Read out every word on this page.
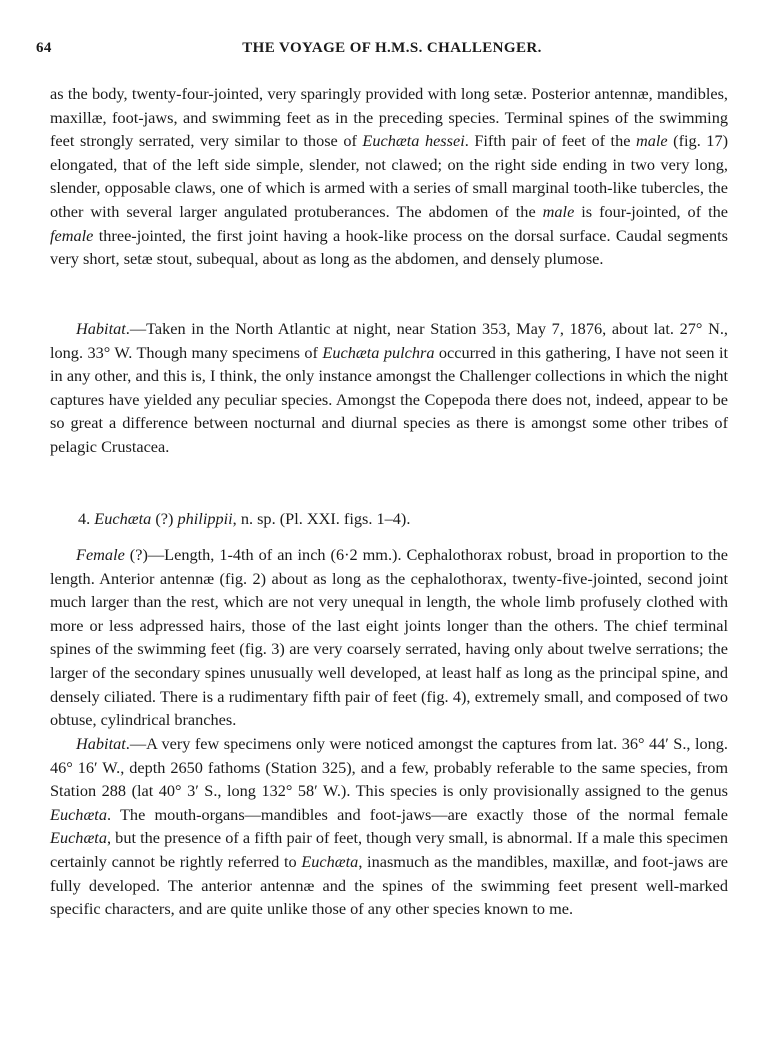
64	THE VOYAGE OF H.M.S. CHALLENGER.

as the body, twenty-four-jointed, very sparingly provided with long setæ. Posterior antennæ, mandibles, maxillæ, foot-jaws, and swimming feet as in the preceding species. Terminal spines of the swimming feet strongly serrated, very similar to those of Euchæta hessei. Fifth pair of feet of the male (fig. 17) elongated, that of the left side simple, slender, not clawed; on the right side ending in two very long, slender, opposable claws, one of which is armed with a series of small marginal tooth-like tubercles, the other with several larger angulated protuberances. The abdomen of the male is four-jointed, of the female three-jointed, the first joint having a hook-like process on the dorsal surface. Caudal segments very short, setæ stout, subequal, about as long as the abdomen, and densely plumose.

Habitat.—Taken in the North Atlantic at night, near Station 353, May 7, 1876, about lat. 27° N., long. 33° W. Though many specimens of Euchæta pulchra occurred in this gathering, I have not seen it in any other, and this is, I think, the only instance amongst the Challenger collections in which the night captures have yielded any peculiar species. Amongst the Copepoda there does not, indeed, appear to be so great a difference between nocturnal and diurnal species as there is amongst some other tribes of pelagic Crustacea.

4. Euchæta (?) philippii, n. sp. (Pl. XXI. figs. 1–4).

Female (?)—Length, 1-4th of an inch (6·2 mm.). Cephalothorax robust, broad in proportion to the length. Anterior antennæ (fig. 2) about as long as the cephalothorax, twenty-five-jointed, second joint much larger than the rest, which are not very unequal in length, the whole limb profusely clothed with more or less adpressed hairs, those of the last eight joints longer than the others. The chief terminal spines of the swimming feet (fig. 3) are very coarsely serrated, having only about twelve serrations; the larger of the secondary spines unusually well developed, at least half as long as the principal spine, and densely ciliated. There is a rudimentary fifth pair of feet (fig. 4), extremely small, and composed of two obtuse, cylindrical branches.

Habitat.—A very few specimens only were noticed amongst the captures from lat. 36° 44′ S., long. 46° 16′ W., depth 2650 fathoms (Station 325), and a few, probably referable to the same species, from Station 288 (lat 40° 3′ S., long 132° 58′ W.). This species is only provisionally assigned to the genus Euchæta. The mouth-organs—mandibles and foot-jaws—are exactly those of the normal female Euchæta, but the presence of a fifth pair of feet, though very small, is abnormal. If a male this specimen certainly cannot be rightly referred to Euchæta, inasmuch as the mandibles, maxillæ, and foot-jaws are fully developed. The anterior antennæ and the spines of the swimming feet present well-marked specific characters, and are quite unlike those of any other species known to me.
